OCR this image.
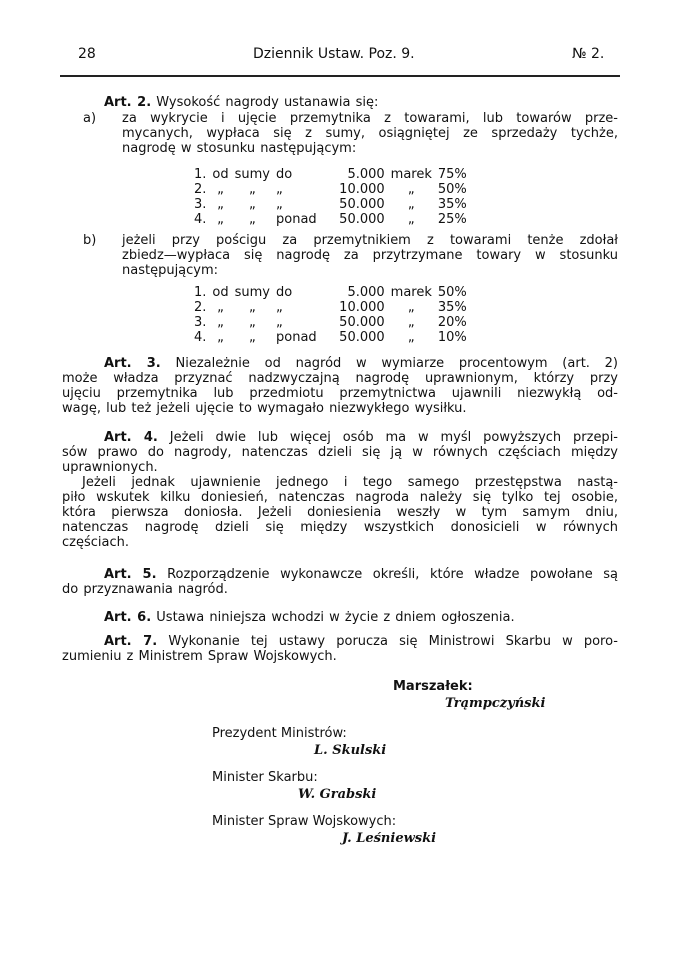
28	Dziennik Ustaw. Poz. 9.	№ 2.
Art. 2. Wysokość nagrody ustanawia się:
a)	za wykrycie i ujęcie przemytnika z towarami, lub towarów prze-
mycanych, wypłaca się z sumy, osiągniętej ze sprzedaży tychże,
nagrodę w stosunku następującym:
1.	od	sumy	do	5.000	marek	75%
2.	„	„	„	10.000	„	50%
3.	„	„	„	50.000	„	35%
4.	„	„	ponad	50.000	„	25%
b)	jeżeli przy pościgu za przemytnikiem z towarami tenże zdołał
zbiedz—wypłaca się nagrodę za przytrzymane towary w stosunku
następującym:
1.	od	sumy	do	5.000	marek	50%
2.	„	„	„	10.000	„	35%
3.	„	„	„	50.000	„	20%
4.	„	„	ponad	50.000	„	10%
Art. 3. Niezależnie od nagród w wymiarze procentowym (art. 2)
może władza przyznać nadzwyczajną nagrodę uprawnionym, którzy przy
ujęciu przemytnika lub przedmiotu przemytnictwa ujawnili niezwykłą od-
wagę, lub też jeżeli ujęcie to wymagało niezwykłego wysiłku.
Art. 4. Jeżeli dwie lub więcej osób ma w myśl powyższych przepi-
sów prawo do nagrody, natenczas dzieli się ją w równych częściach między
uprawnionych.
Jeżeli jednak ujawnienie jednego i tego samego przestępstwa nastą-
piło wskutek kilku doniesień, natenczas nagroda należy się tylko tej osobie,
która pierwsza doniosła. Jeżeli doniesienia weszły w tym samym dniu,
natenczas nagrodę dzieli się między wszystkich donosicieli w równych
częściach.
Art. 5. Rozporządzenie wykonawcze określi, które władze powołane są
do przyznawania nagród.
Art. 6. Ustawa niniejsza wchodzi w życie z dniem ogłoszenia.
Art. 7. Wykonanie tej ustawy porucza się Ministrowi Skarbu w poro-
zumieniu z Ministrem Spraw Wojskowych.
Marszałek:
Trąmpczyński
Prezydent Ministrów:
L. Skulski
Minister Skarbu:
W. Grabski
Minister Spraw Wojskowych:
J. Leśniewski
